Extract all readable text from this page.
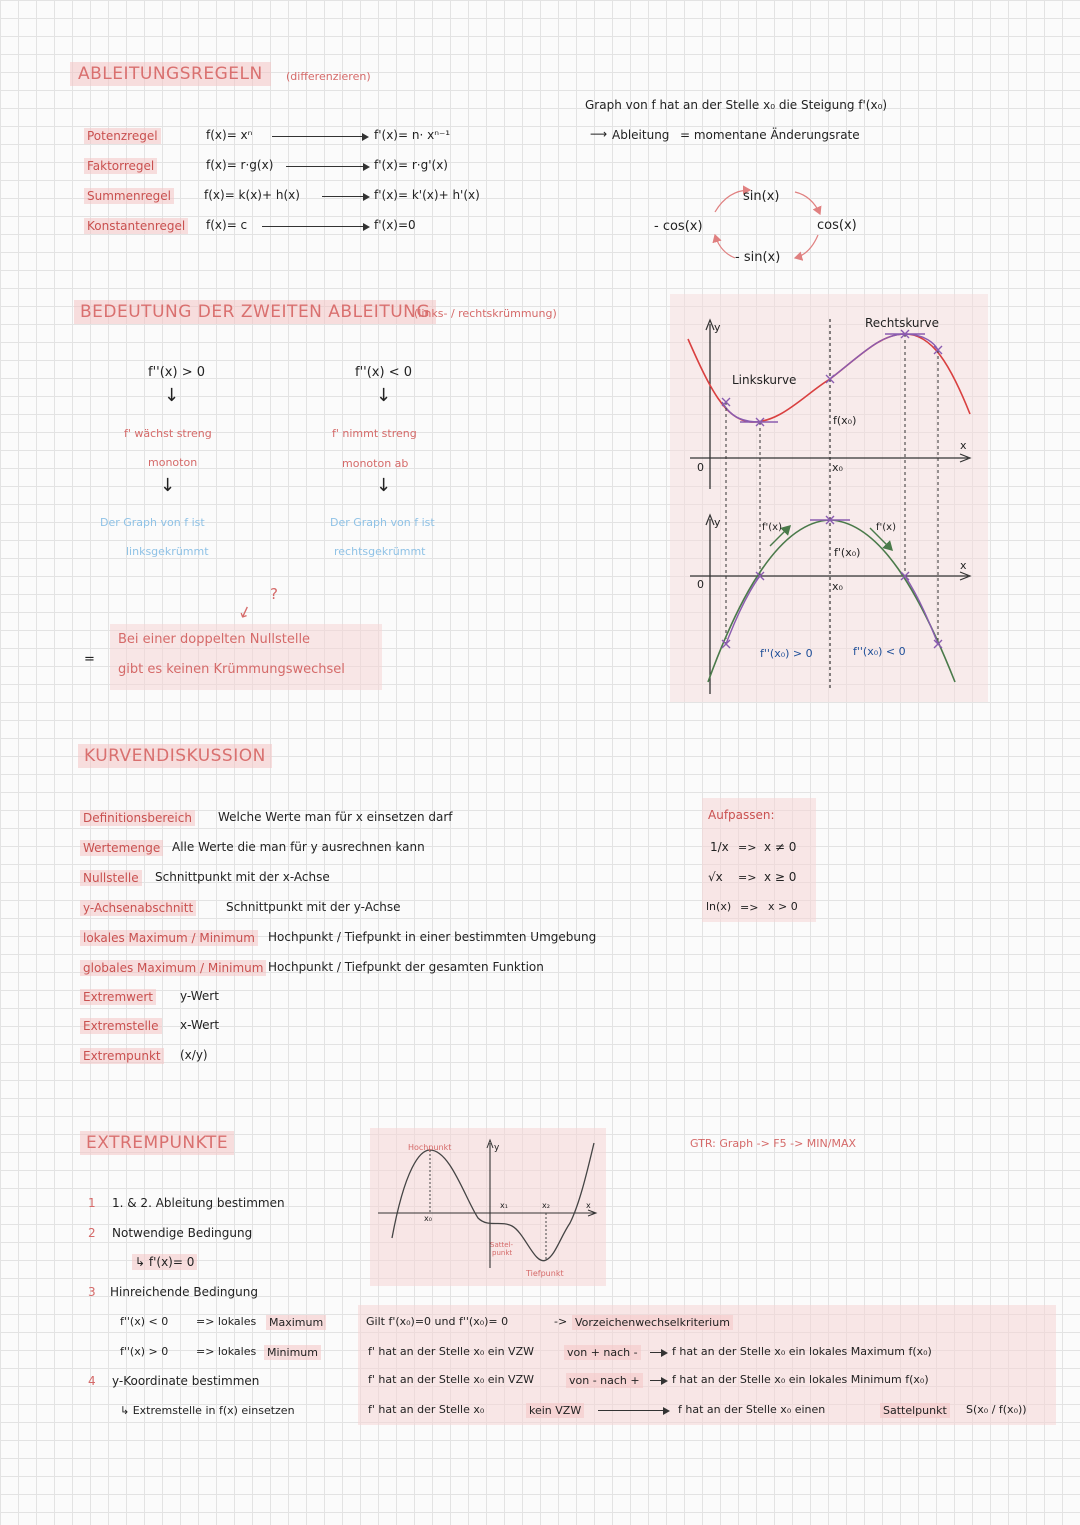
ABLEITUNGSREGELN	(differenzieren)
Potenzregel	f(x)= xⁿ	f'(x)= n· xⁿ⁻¹
Faktorregel	f(x)= r·g(x)	f'(x)= r·g'(x)
Summenregel	f(x)= k(x)+ h(x)	f'(x)= k'(x)+ h'(x)
Konstantenregel f(x)= c	f'(x)=0
Graph von f hat an der Stelle x₀ die Steigung f'(x₀)
⟶ Ableitung = momentane Änderungsrate
sin(x)
cos(x)
- sin(x)
- cos(x)
BEDEUTUNG DER ZWEITEN ABLEITUNG
(links- / rechtskrümmung)
f''(x) > 0
↓
f' wächst streng
monoton
↓
Der Graph von f ist
linksgekrümmt
f''(x) < 0
↓
f' nimmt streng
monoton ab
↓
Der Graph von f ist
rechtsgekrümmt
↙
?
=
Bei einer doppelten Nullstelle
gibt es keinen Krümmungswechsel
y
x
0
Rechtskurve
Linkskurve
f(x₀)
x₀
y
x
0
f'(x)	f'(x)
f'(x₀)
x₀
f''(x₀) > 0	f''(x₀) < 0
KURVENDISKUSSION
Definitionsbereich Welche Werte man für x einsetzen darf
Wertemenge Alle Werte die man für y ausrechnen kann
Nullstelle Schnittpunkt mit der x-Achse
y-Achsenabschnitt	Schnittpunkt mit der y-Achse
lokales Maximum / Minimum Hochpunkt / Tiefpunkt in einer bestimmten Umgebung
globales Maximum / Minimum Hochpunkt / Tiefpunkt der gesamten Funktion
Extremwert y-Wert
Extremstelle x-Wert
Extrempunkt (x/y)
Aufpassen:
1/x => x ≠ 0
√x => x ≥ 0
ln(x) => x > 0
EXTREMPUNKTE	GTR: Graph -> F5 -> MIN/MAX
1 1. & 2. Ableitung bestimmen
2 Notwendige Bedingung
↳ f'(x)= 0
3 Hinreichende Bedingung
f''(x) < 0	=> lokales Maximum
f''(x) > 0	=> lokales Minimum
4 y-Koordinate bestimmen
↳ Extremstelle in f(x) einsetzen
Hochpunkt	y
x
x₀
x₁	x₂
Sattel-
punkt
Tiefpunkt
Gilt f'(x₀)=0 und f''(x₀)= 0	-> Vorzeichenwechselkriterium
f' hat an der Stelle x₀ ein VZW	von + nach -	f hat an der Stelle x₀ ein lokales Maximum f(x₀)
f' hat an der Stelle x₀ ein VZW	von - nach +	f hat an der Stelle x₀ ein lokales Minimum f(x₀)
f' hat an der Stelle x₀	kein VZW	f hat an der Stelle x₀ einen	Sattelpunkt S(x₀ / f(x₀))
